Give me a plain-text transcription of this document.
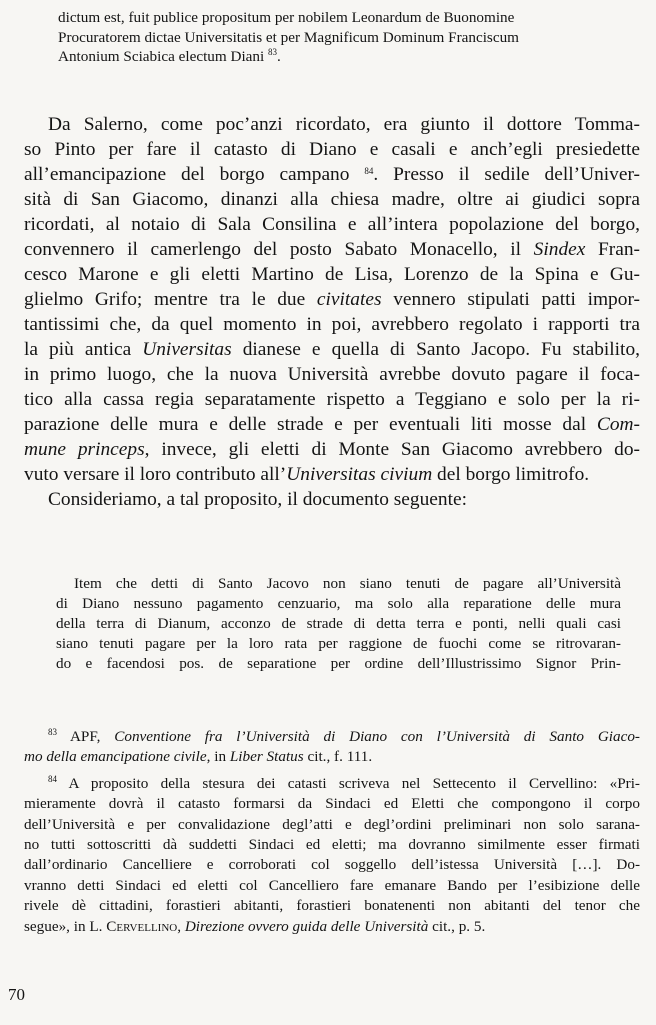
dictum est, fuit publice propositum per nobilem Leonardum de Buonomine
Procuratorem dictae Universitatis et per Magnificum Dominum Franciscum
Antonium Sciabica electum Diani $^{83}$.
Da Salerno, come poc’anzi ricordato, era giunto il dottore Tomma-
so Pinto per fare il catasto di Diano e casali e anch’egli presiedette
all’emancipazione del borgo campano $^{84}$. Presso il sedile dell’Univer-
sità di San Giacomo, dinanzi alla chiesa madre, oltre ai giudici sopra
ricordati, al notaio di Sala Consilina e all’intera popolazione del borgo,
convennero il camerlengo del posto Sabato Monacello, il Sindex Fran-
cesco Marone e gli eletti Martino de Lisa, Lorenzo de la Spina e Gu-
glielmo Grifo; mentre tra le due civitates vennero stipulati patti impor-
tantissimi che, da quel momento in poi, avrebbero regolato i rapporti tra
la più antica Universitas dianese e quella di Santo Jacopo. Fu stabilito,
in primo luogo, che la nuova Università avrebbe dovuto pagare il foca-
tico alla cassa regia separatamente rispetto a Teggiano e solo per la ri-
parazione delle mura e delle strade e per eventuali liti mosse dal Com-
mune princeps, invece, gli eletti di Monte San Giacomo avrebbero do-
vuto versare il loro contributo all’Universitas civium del borgo limitrofo.
Consideriamo, a tal proposito, il documento seguente:
Item che detti di Santo Jacovo non siano tenuti de pagare all’Università
di Diano nessuno pagamento cenzuario, ma solo alla reparatione delle mura
della terra di Dianum, acconzo de strade di detta terra e ponti, nelli quali casi
siano tenuti pagare per la loro rata per raggione de fuochi come se ritrovaran-
do e facendosi pos. de separatione per ordine dell’Illustrissimo Signor Prin-
$^{83}$ APF, Conventione fra l’Università di Diano con l’Università di Santo Giaco-
mo della emancipatione civile, in Liber Status cit., f. 111.
$^{84}$ A proposito della stesura dei catasti scriveva nel Settecento il Cervellino: «Pri-
mieramente dovrà il catasto formarsi da Sindaci ed Eletti che compongono il corpo
dell’Università e per convalidazione degl’atti e degl’ordini preliminari non solo sarana-
no tutti sottoscritti dà suddetti Sindaci ed eletti; ma dovranno similmente esser firmati
dall’ordinario Cancelliere e corroborati col soggello dell’istessa Università […]. Do-
vranno detti Sindaci ed eletti col Cancelliero fare emanare Bando per l’esibizione delle
rivele dè cittadini, forastieri abitanti, forastieri bonatenenti non abitanti del tenor che
segue», in L. Cervellino, Direzione ovvero guida delle Università cit., p. 5.
70
